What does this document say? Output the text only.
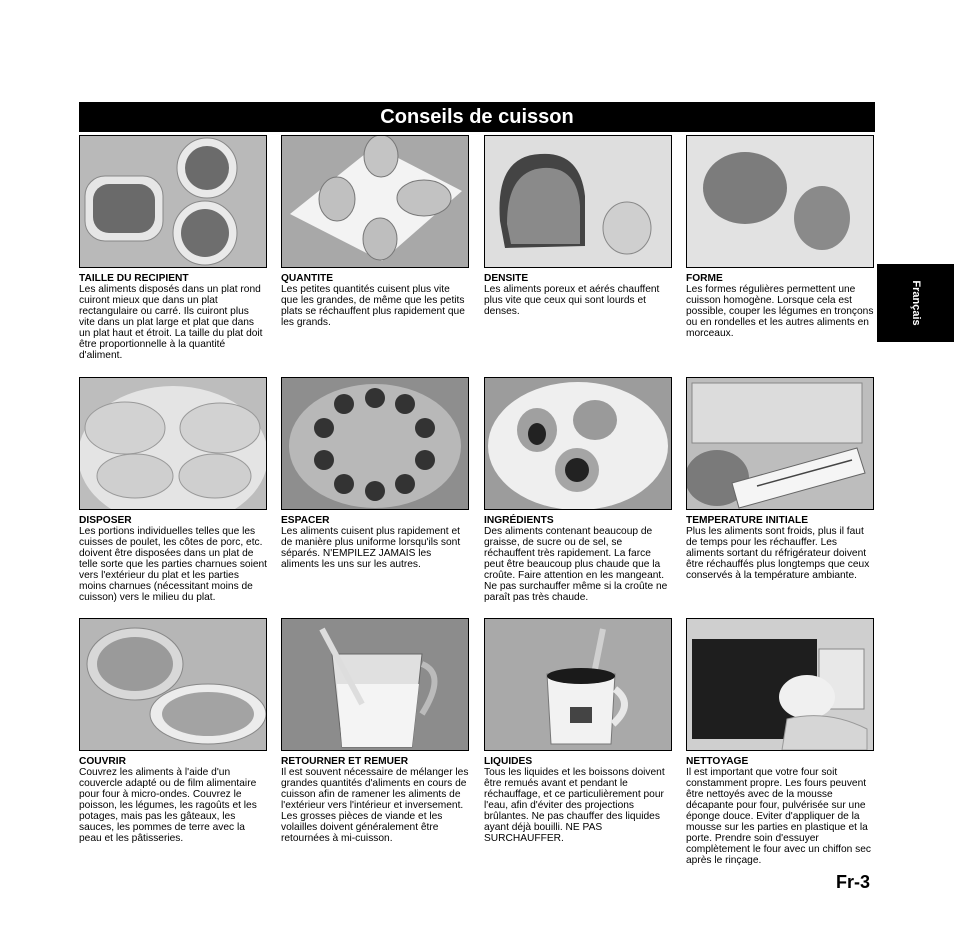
Conseils de cuisson
Français
TAILLE DU RECIPIENT
Les aliments disposés dans un plat rond cuiront mieux que dans un plat rectangulaire ou carré. Ils cuiront plus vite dans un plat large et plat que dans un plat haut et étroit. La taille du plat doit être proportionnelle à la quantité d'aliment.
QUANTITE
Les petites quantités cuisent plus vite que les grandes, de même que les petits plats se réchauffent plus rapidement que les grands.
DENSITE
Les aliments poreux et aérés chauffent plus vite que ceux qui sont lourds et denses.
FORME
Les formes régulières permettent une cuisson homogène. Lorsque cela est possible, couper les légumes en tronçons ou en rondelles et les autres aliments en morceaux.
DISPOSER
Les portions individuelles telles que les cuisses de poulet, les côtes de porc, etc. doivent être disposées dans un plat de telle sorte que les parties charnues soient vers l'extérieur du plat et les parties moins charnues (nécessitant moins de cuisson) vers le milieu du plat.
ESPACER
Les aliments cuisent plus rapidement et de manière plus uniforme lorsqu'ils sont séparés. N'EMPILEZ JAMAIS les aliments les uns sur les autres.
INGRÉDIENTS
Des aliments contenant beaucoup de graisse, de sucre ou de sel, se réchauffent très rapidement. La farce peut être beaucoup plus chaude que la croûte. Faire attention en les mangeant. Ne pas surchauffer même si la croûte ne paraît pas très chaude.
TEMPERATURE INITIALE
Plus les aliments sont froids, plus il faut de temps pour les réchauffer. Les aliments sortant du réfrigérateur doivent être réchauffés plus longtemps que ceux conservés à la température ambiante.
COUVRIR
Couvrez les aliments à l'aide d'un couvercle adapté ou de film alimentaire pour four à micro-ondes. Couvrez le poisson, les légumes, les ragoûts et les potages, mais pas les gâteaux, les sauces, les pommes de terre avec la peau et les pâtisseries.
RETOURNER ET REMUER
Il est souvent nécessaire de mélanger les grandes quantités d'aliments en cours de cuisson afin de ramener les aliments de l'extérieur vers l'intérieur et inversement. Les grosses pièces de viande et les volailles doivent généralement être retournées à mi-cuisson.
LIQUIDES
Tous les liquides et les boissons doivent être remués avant et pendant le réchauffage, et ce particulièrement pour l'eau, afin d'éviter des projections brûlantes. Ne pas chauffer des liquides ayant déjà bouilli. NE PAS SURCHAUFFER.
NETTOYAGE
Il est important que votre four soit constamment propre. Les fours peuvent être nettoyés avec de la mousse décapante pour four, pulvérisée sur une éponge douce. Eviter d'appliquer de la mousse sur les parties en plastique et la porte. Prendre soin d'essuyer complètement le four avec un chiffon sec après le rinçage.
Fr-3
